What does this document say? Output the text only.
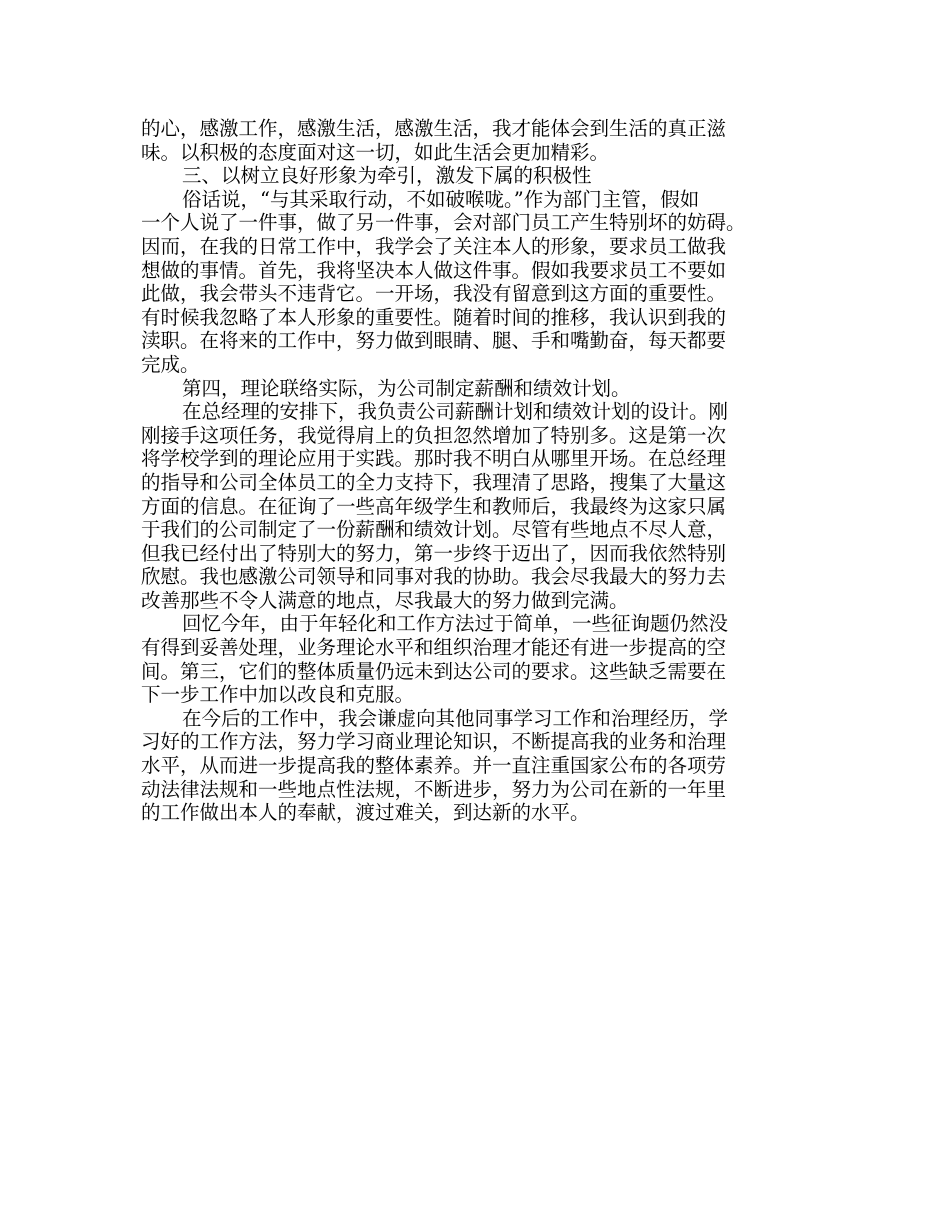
的心，感激工作，感激生活，感激生活，我才能体会到生活的真正滋
味。以积极的态度面对这一切，如此生活会更加精彩。
三、以树立良好形象为牵引，激发下属的积极性
俗话说，“与其采取行动，不如破喉咙。”作为部门主管，假如
一个人说了一件事，做了另一件事，会对部门员工产生特别坏的妨碍。
因而，在我的日常工作中，我学会了关注本人的形象，要求员工做我
想做的事情。首先，我将坚决本人做这件事。假如我要求员工不要如
此做，我会带头不违背它。一开场，我没有留意到这方面的重要性。
有时候我忽略了本人形象的重要性。随着时间的推移，我认识到我的
渎职。在将来的工作中，努力做到眼睛、腿、手和嘴勤奋，每天都要
完成。
第四，理论联络实际，为公司制定薪酬和绩效计划。
在总经理的安排下，我负责公司薪酬计划和绩效计划的设计。刚
刚接手这项任务，我觉得肩上的负担忽然增加了特别多。这是第一次
将学校学到的理论应用于实践。那时我不明白从哪里开场。在总经理
的指导和公司全体员工的全力支持下，我理清了思路，搜集了大量这
方面的信息。在征询了一些高年级学生和教师后，我最终为这家只属
于我们的公司制定了一份薪酬和绩效计划。尽管有些地点不尽人意，
但我已经付出了特别大的努力，第一步终于迈出了，因而我依然特别
欣慰。我也感激公司领导和同事对我的协助。我会尽我最大的努力去
改善那些不令人满意的地点，尽我最大的努力做到完满。
回忆今年，由于年轻化和工作方法过于简单，一些征询题仍然没
有得到妥善处理，业务理论水平和组织治理才能还有进一步提高的空
间。第三，它们的整体质量仍远未到达公司的要求。这些缺乏需要在
下一步工作中加以改良和克服。
在今后的工作中，我会谦虚向其他同事学习工作和治理经历，学
习好的工作方法，努力学习商业理论知识，不断提高我的业务和治理
水平，从而进一步提高我的整体素养。并一直注重国家公布的各项劳
动法律法规和一些地点性法规，不断进步，努力为公司在新的一年里
的工作做出本人的奉献，渡过难关，到达新的水平。
